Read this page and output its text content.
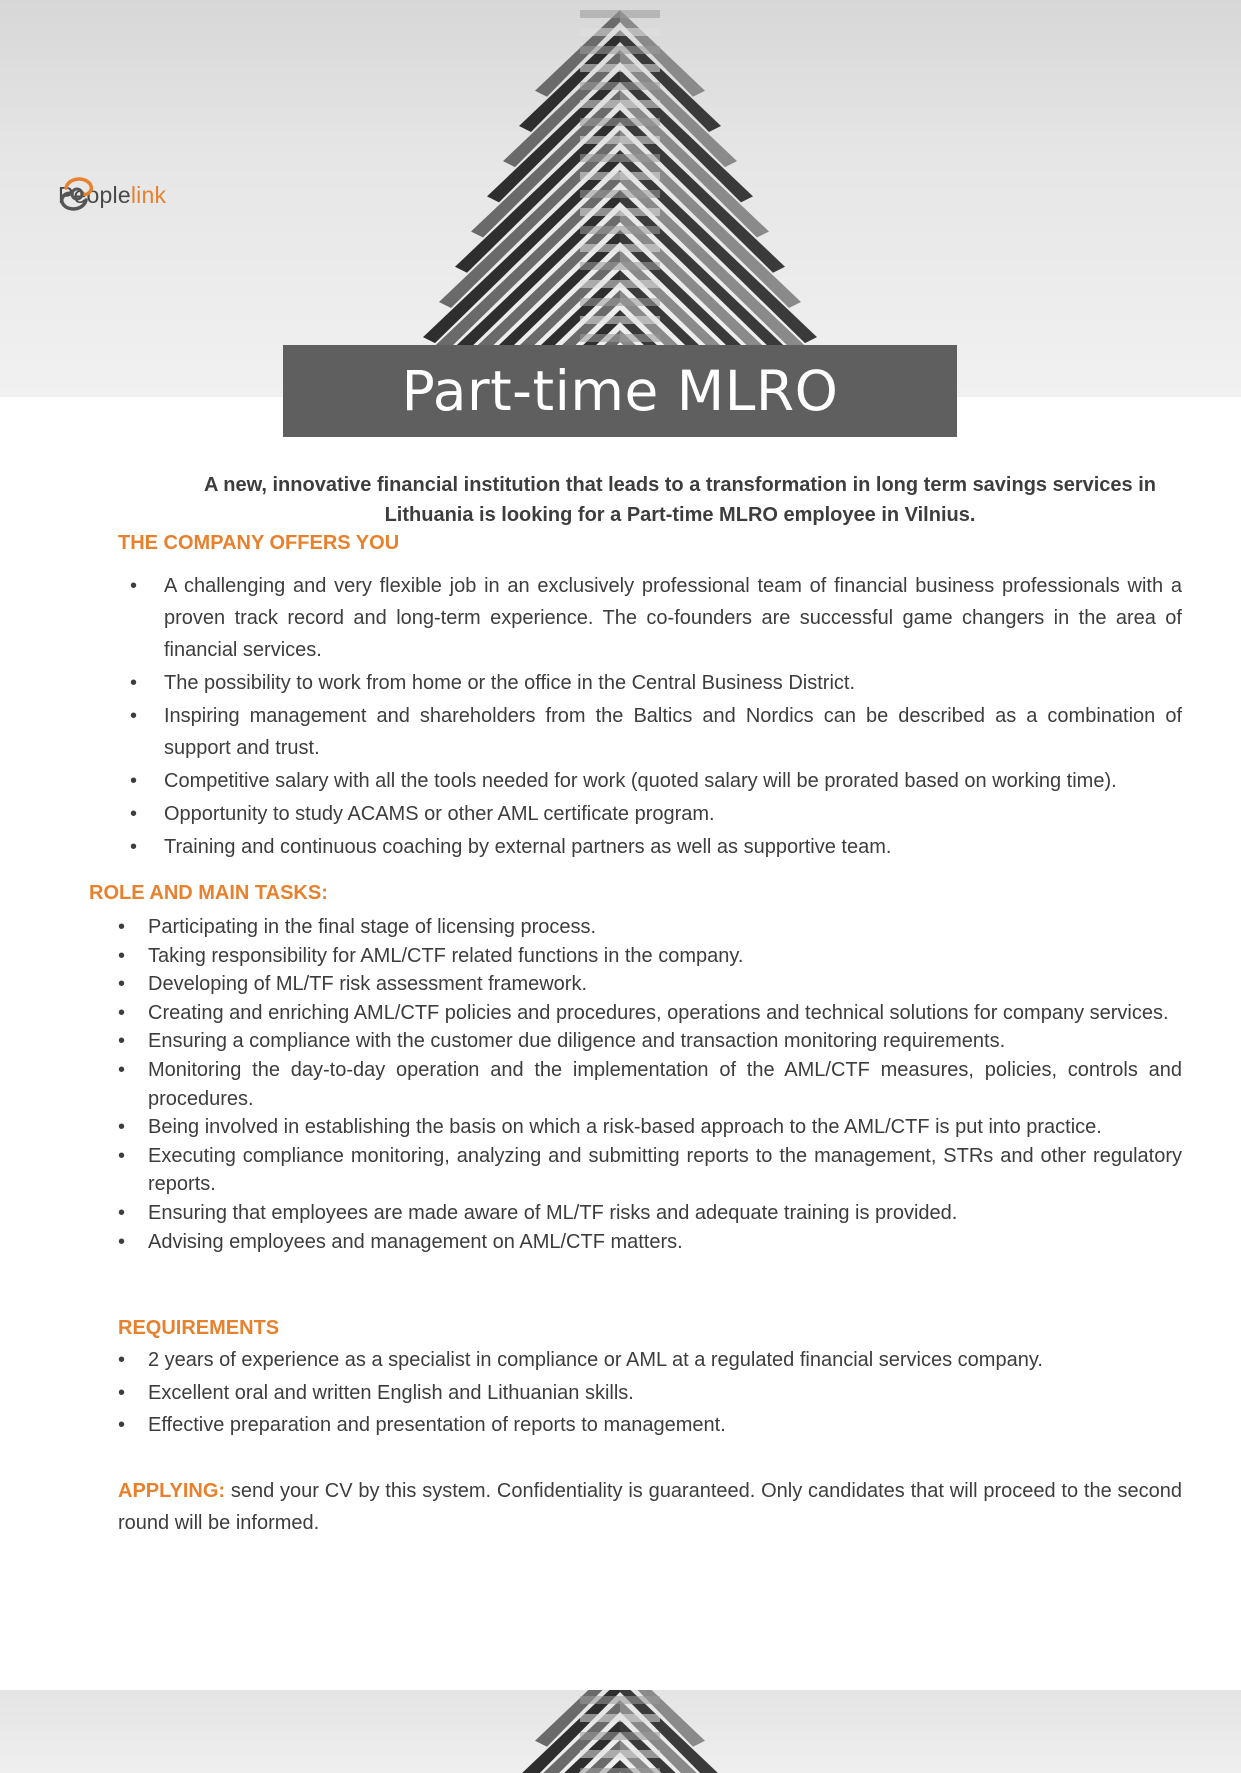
Peoplelink
Part-time MLRO

A new, innovative financial institution that leads to a transformation in long term savings services in Lithuania is looking for a Part-time MLRO employee in Vilnius.

THE COMPANY OFFERS YOU
• A challenging and very flexible job in an exclusively professional team of financial business professionals with a proven track record and long-term experience. The co-founders are successful game changers in the area of financial services.
• The possibility to work from home or the office in the Central Business District.
• Inspiring management and shareholders from the Baltics and Nordics can be described as a combination of support and trust.
• Competitive salary with all the tools needed for work (quoted salary will be prorated based on working time).
• Opportunity to study ACAMS or other AML certificate program.
• Training and continuous coaching by external partners as well as supportive team.
ROLE AND MAIN TASKS:
• Participating in the final stage of licensing process.
• Taking responsibility for AML/CTF related functions in the company.
• Developing of ML/TF risk assessment framework.
• Creating and enriching AML/CTF policies and procedures, operations and technical solutions for company services.
• Ensuring a compliance with the customer due diligence and transaction monitoring requirements.
• Monitoring the day-to-day operation and the implementation of the AML/CTF measures, policies, controls and procedures.
• Being involved in establishing the basis on which a risk-based approach to the AML/CTF is put into practice.
• Executing compliance monitoring, analyzing and submitting reports to the management, STRs and other regulatory reports.
• Ensuring that employees are made aware of ML/TF risks and adequate training is provided.
• Advising employees and management on AML/CTF matters.
REQUIREMENTS
• 2 years of experience as a specialist in compliance or AML at a regulated financial services company.
• Excellent oral and written English and Lithuanian skills.
• Effective preparation and presentation of reports to management.

APPLYING: send your CV by this system. Confidentiality is guaranteed. Only candidates that will proceed to the second round will be informed.
